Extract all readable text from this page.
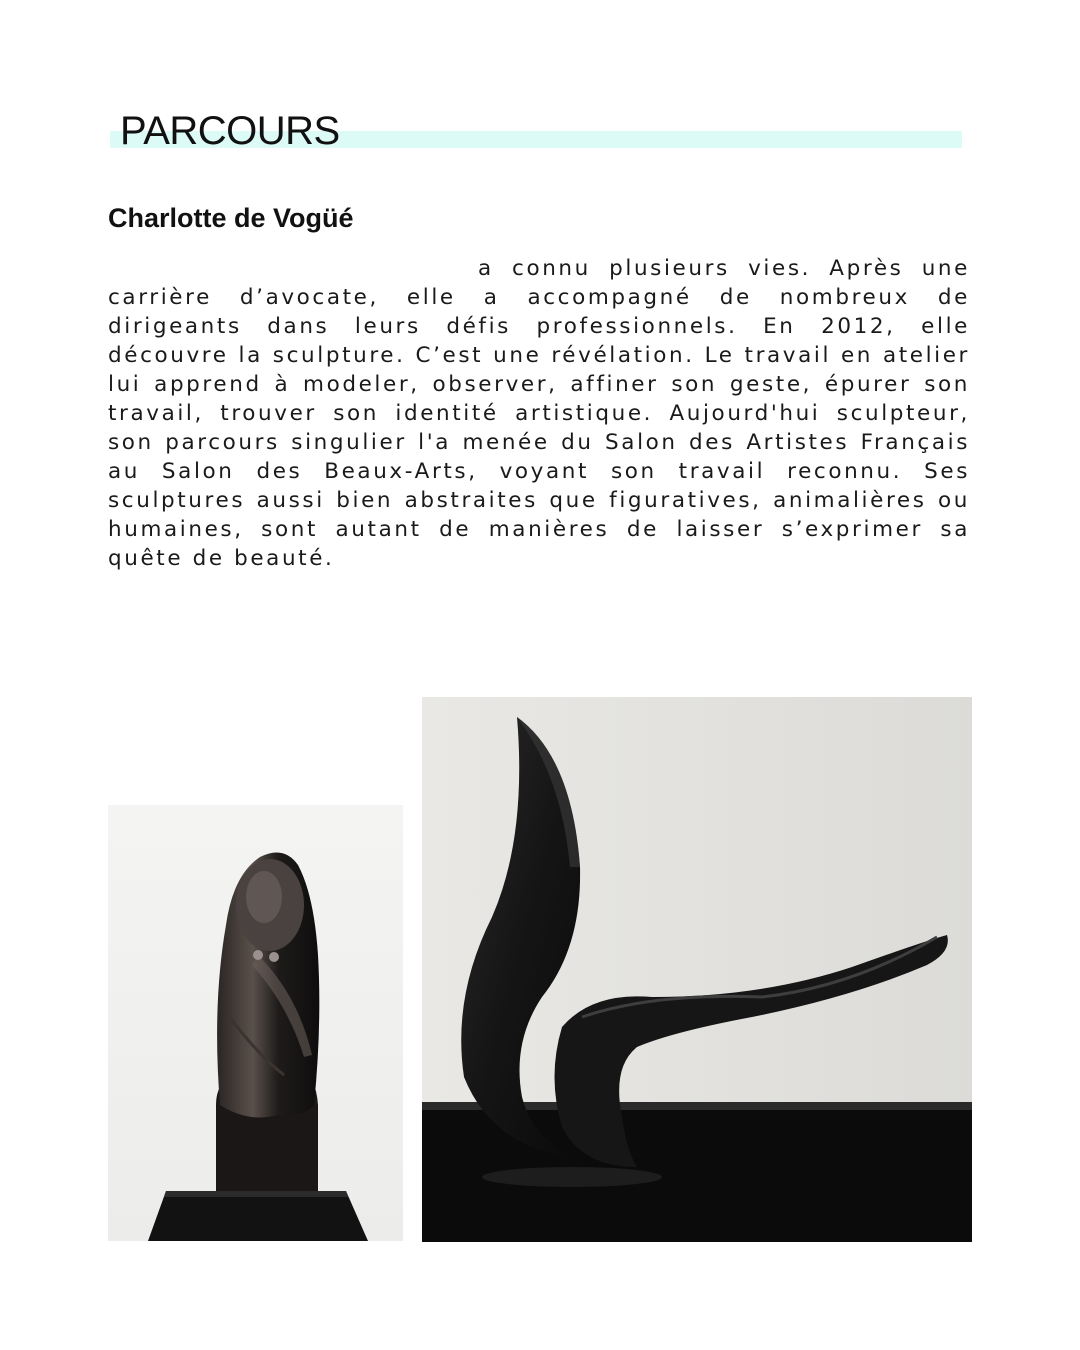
PARCOURS
Charlotte de Vogüé

a connu plusieurs vies. Après une carrière d’avocate, elle a accompagné de nombreux de dirigeants dans leurs défis professionnels. En 2012, elle découvre la sculpture. C’est une révélation. Le travail en atelier lui apprend à modeler, observer, affiner son geste, épurer son travail, trouver son identité artistique. Aujourd'hui sculpteur, son parcours singulier l'a menée du Salon des Artistes Français au Salon des Beaux-Arts, voyant son travail reconnu. Ses sculptures aussi bien abstraites que figuratives, animalières ou humaines, sont autant de manières de laisser s’exprimer sa quête de beauté.
